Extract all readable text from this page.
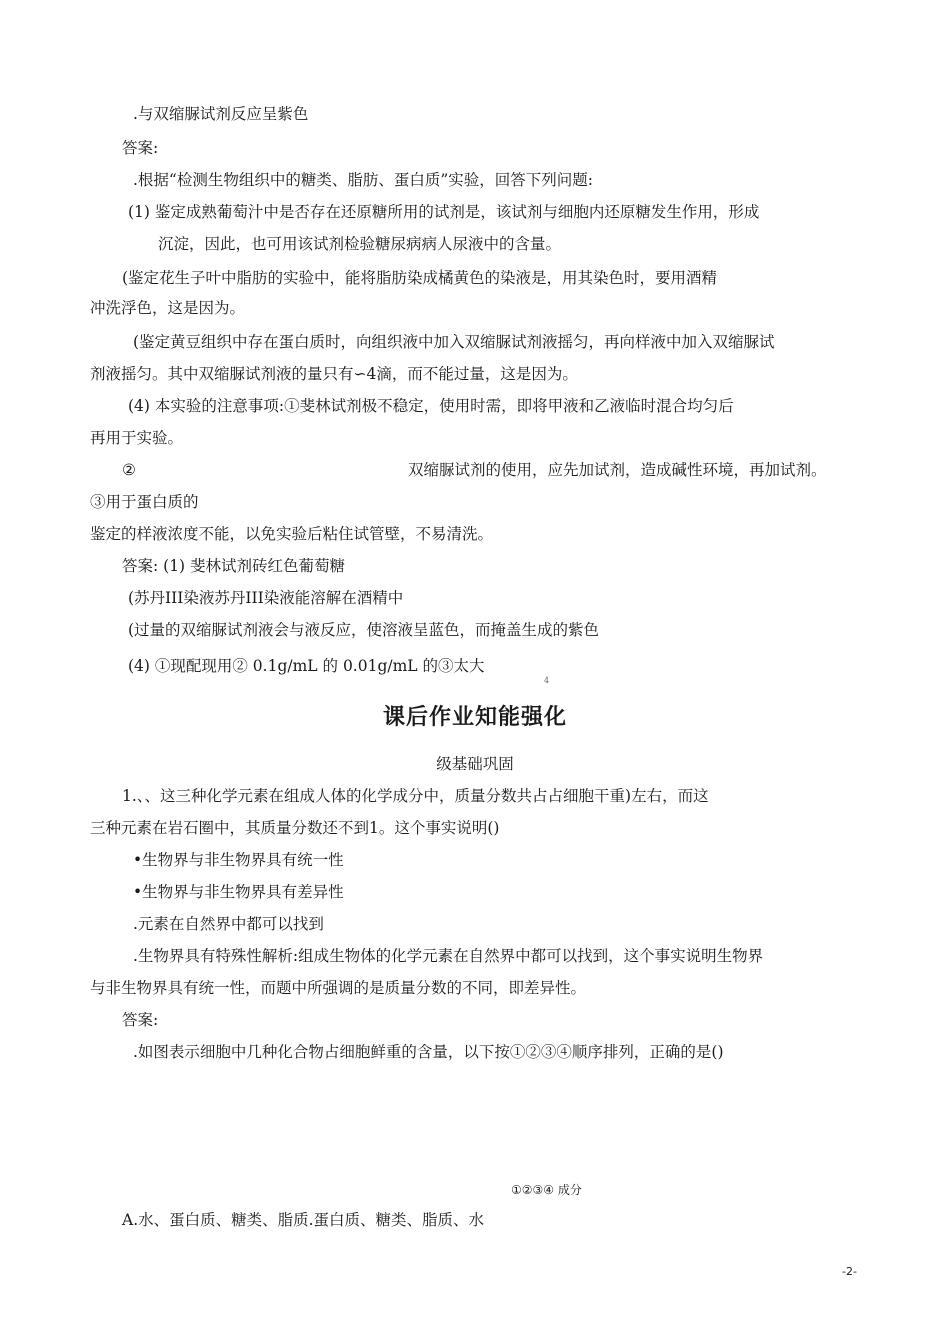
.与双缩脲试剂反应呈紫色
答案:
.根据“检测生物组织中的糖类、脂肪、蛋白质”实验，回答下列问题:
(1) 鉴定成熟葡萄汁中是否存在还原糖所用的试剂是，该试剂与细胞内还原糖发生作用，形成
沉淀，因此，也可用该试剂检验糖尿病病人尿液中的含量。
(鉴定花生子叶中脂肪的实验中，能将脂肪染成橘黄色的染液是，用其染色时，要用酒精
冲洗浮色，这是因为。
(鉴定黄豆组织中存在蛋白质时，向组织液中加入双缩脲试剂液摇匀，再向样液中加入双缩脲试
剂液摇匀。其中双缩脲试剂液的量只有∽4滴，而不能过量，这是因为。
(4) 本实验的注意事项:①斐林试剂极不稳定，使用时需，即将甲液和乙液临时混合均匀后
再用于实验。
②	双缩脲试剂的使用，应先加试剂，造成碱性环境，再加试剂。
③用于蛋白质的
鉴定的样液浓度不能，以免实验后粘住试管壁，不易清洗。
答案: (1) 斐林试剂砖红色葡萄糖
(苏丹III染液苏丹III染液能溶解在酒精中
(过量的双缩脲试剂液会与液反应，使溶液呈蓝色，而掩盖生成的紫色
(4) ①现配现用② 0.1g/mL 的 0.01g/mL 的③太大
4
课后作业知能强化
级基础巩固
1.、、这三种化学元素在组成人体的化学成分中，质量分数共占占细胞干重)左右，而这
三种元素在岩石圈中，其质量分数还不到1。这个事实说明()
•生物界与非生物界具有统一性
•生物界与非生物界具有差异性
.元素在自然界中都可以找到
.生物界具有特殊性解析:组成生物体的化学元素在自然界中都可以找到，这个事实说明生物界
与非生物界具有统一性，而题中所强调的是质量分数的不同，即差异性。
答案:
.如图表示细胞中几种化合物占细胞鲜重的含量，以下按①②③④顺序排列，正确的是()
①②③④ 成分
A.水、蛋白质、糖类、脂质.蛋白质、糖类、脂质、水
-2-
